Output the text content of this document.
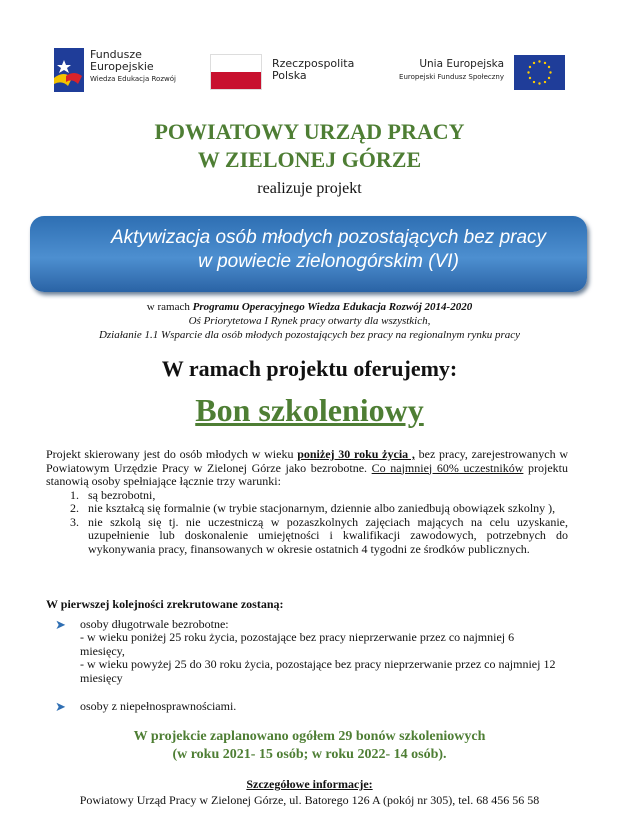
Fundusze
Europejskie
Wiedza Edukacja Rozwój
Rzeczpospolita
Polska
Unia Europejska
Europejski Fundusz Społeczny
POWIATOWY URZĄD PRACY
W ZIELONEJ GÓRZE
realizuje projekt
Aktywizacja osób młodych pozostających bez pracy
w powiecie zielonogórskim (VI)
w ramach Programu Operacyjnego Wiedza Edukacja Rozwój 2014-2020
Oś Priorytetowa I Rynek pracy otwarty dla wszystkich,
Działanie 1.1 Wsparcie dla osób młodych pozostających bez pracy na regionalnym rynku pracy
W ramach projektu oferujemy:
Bon szkoleniowy
Projekt skierowany jest do osób młodych w wieku poniżej 30 roku życia , bez pracy, zarejestrowanych w Powiatowym Urzędzie Pracy w Zielonej Górze jako bezrobotne. Co najmniej 60% uczestników projektu stanowią osoby spełniające łącznie trzy warunki:
1. są bezrobotni,
2. nie kształcą się formalnie (w trybie stacjonarnym, dziennie albo zaniedbują obowiązek szkolny ),
3. nie szkolą się tj. nie uczestniczą w pozaszkolnych zajęciach mających na celu uzyskanie, uzupełnienie lub doskonalenie umiejętności i kwalifikacji zawodowych, potrzebnych do wykonywania pracy, finansowanych w okresie ostatnich 4 tygodni ze środków publicznych.
W pierwszej kolejności zrekrutowane zostaną:
➤ osoby długotrwale bezrobotne:
- w wieku poniżej 25 roku życia, pozostające bez pracy nieprzerwanie przez co najmniej 6 miesięcy,
- w wieku powyżej 25 do 30 roku życia, pozostające bez pracy nieprzerwanie przez co najmniej 12 miesięcy
➤ osoby z niepełnosprawnościami.
W projekcie zaplanowano ogółem 29 bonów szkoleniowych
(w roku 2021- 15 osób; w roku 2022- 14 osób).
Szczegółowe informacje:
Powiatowy Urząd Pracy w Zielonej Górze, ul. Batorego 126 A (pokój nr 305), tel. 68 456 56 58
